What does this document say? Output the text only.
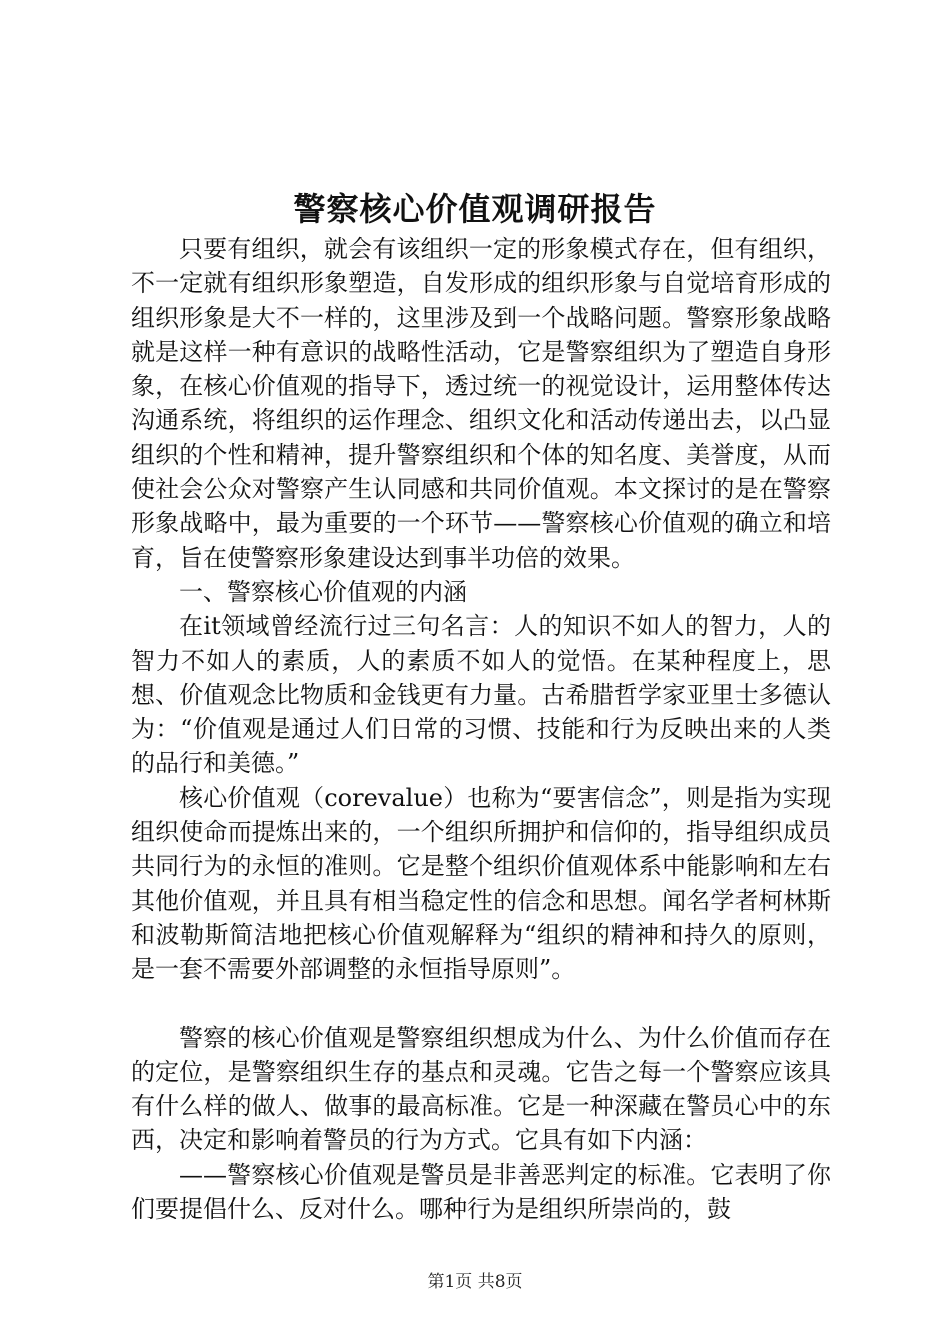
警察核心价值观调研报告

只要有组织，就会有该组织一定的形象模式存在，但有组织，不一定就有组织形象塑造，自发形成的组织形象与自觉培育形成的组织形象是大不一样的，这里涉及到一个战略问题。警察形象战略就是这样一种有意识的战略性活动，它是警察组织为了塑造自身形象，在核心价值观的指导下，透过统一的视觉设计，运用整体传达沟通系统，将组织的运作理念、组织文化和活动传递出去，以凸显组织的个性和精神，提升警察组织和个体的知名度、美誉度，从而使社会公众对警察产生认同感和共同价值观。本文探讨的是在警察形象战略中，最为重要的一个环节——警察核心价值观的确立和培育，旨在使警察形象建设达到事半功倍的效果。

一、警察核心价值观的内涵

在it领域曾经流行过三句名言：人的知识不如人的智力，人的智力不如人的素质，人的素质不如人的觉悟。在某种程度上，思想、价值观念比物质和金钱更有力量。古希腊哲学家亚里士多德认为：“价值观是通过人们日常的习惯、技能和行为反映出来的人类的品行和美德。”

核心价值观（corevalue）也称为“要害信念”，则是指为实现组织使命而提炼出来的，一个组织所拥护和信仰的，指导组织成员共同行为的永恒的准则。它是整个组织价值观体系中能影响和左右其他价值观，并且具有相当稳定性的信念和思想。闻名学者柯林斯和波勒斯简洁地把核心价值观解释为“组织的精神和持久的原则，是一套不需要外部调整的永恒指导原则”。

警察的核心价值观是警察组织想成为什么、为什么价值而存在的定位，是警察组织生存的基点和灵魂。它告之每一个警察应该具有什么样的做人、做事的最高标准。它是一种深藏在警员心中的东西，决定和影响着警员的行为方式。它具有如下内涵：

——警察核心价值观是警员是非善恶判定的标准。它表明了你们要提倡什么、反对什么。哪种行为是组织所崇尚的，鼓

第1页 共8页
